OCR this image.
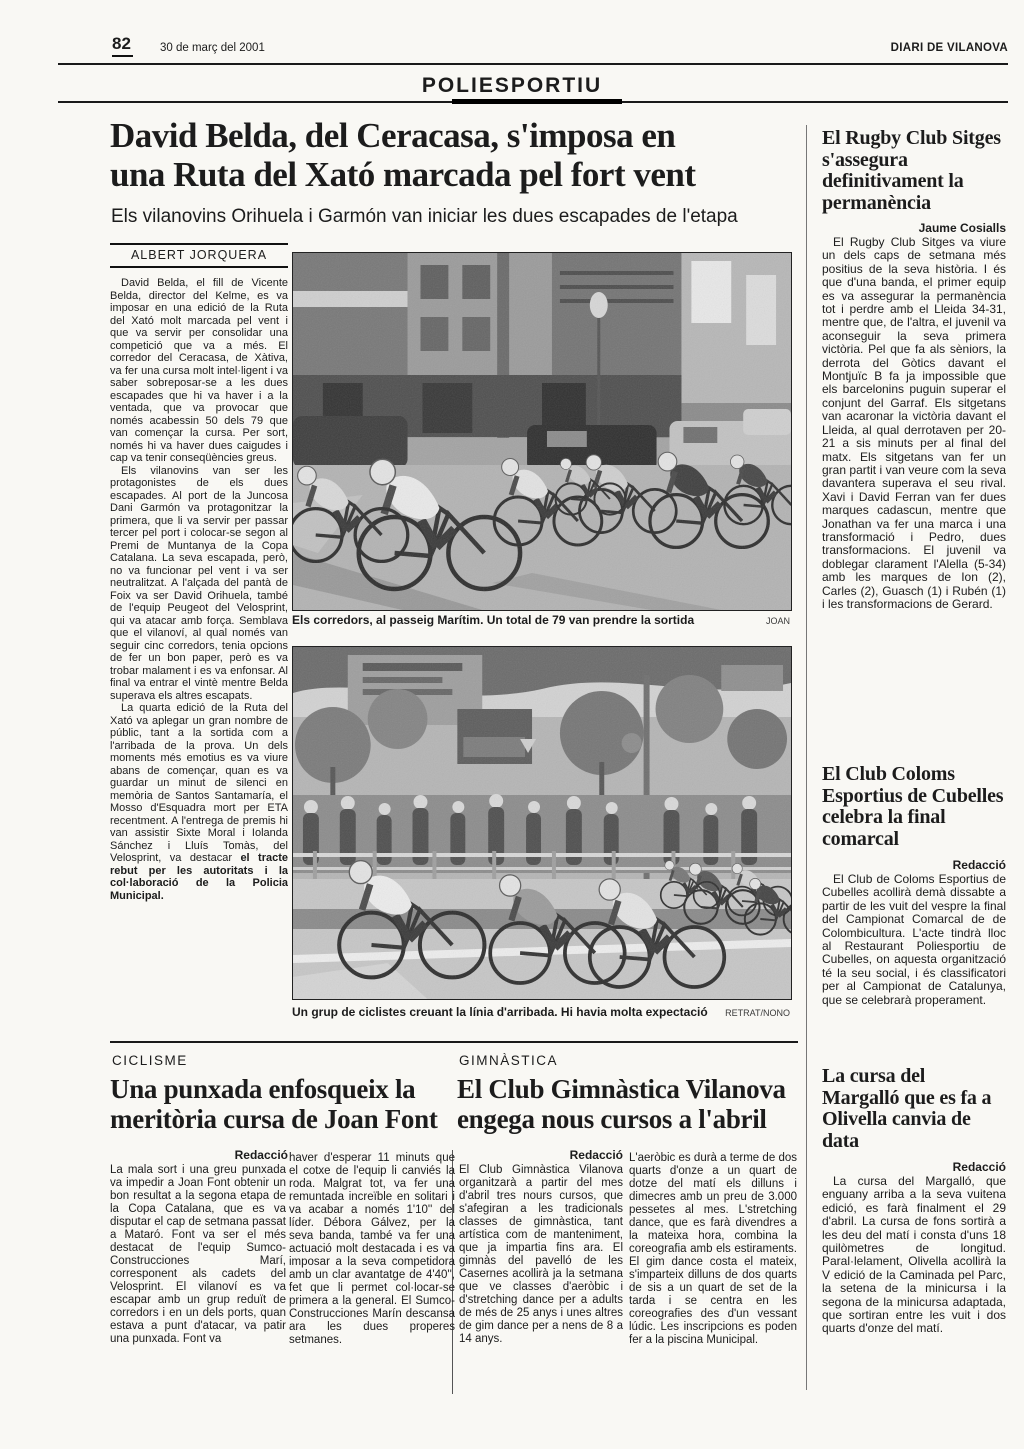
82	30 de març del 2001	DIARI DE VILANOVA
POLIESPORTIU
David Belda, del Ceracasa, s'imposa en
una Ruta del Xató marcada pel fort vent
Els vilanovins Orihuela i Garmón van iniciar les dues escapades de l'etapa
ALBERT JORQUERA

David Belda, el fill de Vicente Belda, director del Kelme, es va imposar en una edició de la Ruta del Xató molt marcada pel vent i que va servir per consolidar una competició que va a més. El corredor del Ceracasa, de Xàtiva, va fer una cursa molt intel·ligent i va saber sobreposar-se a les dues escapades que hi va haver i a la ventada, que va provocar que només acabessin 50 dels 79 que van començar la cursa. Per sort, només hi va haver dues caigudes i cap va tenir conseqüències greus.

Els vilanovins van ser les protagonistes de els dues escapades. Al port de la Juncosa Dani Garmón va protagonitzar la primera, que li va servir per passar tercer pel port i colocar-se segon al Premi de Muntanya de la Copa Catalana. La seva escapada, però, no va funcionar pel vent i va ser neutralitzat. A l'alçada del pantà de Foix va ser David Orihuela, també de l'equip Peugeot del Velosprint, qui va atacar amb força. Semblava que el vilanoví, al qual només van seguir cinc corredors, tenia opcions de fer un bon paper, però es va trobar malament i es va enfonsar. Al final va entrar el vintè mentre Belda superava els altres escapats.

La quarta edició de la Ruta del Xató va aplegar un gran nombre de públic, tant a la sortida com a l'arribada de la prova. Un dels moments més emotius es va viure abans de començar, quan es va guardar un minut de silenci en memòria de Santos Santamaría, el Mosso d'Esquadra mort per ETA recentment. A l'entrega de premis hi van assistir Sixte Moral i Iolanda Sánchez i Lluís Tomàs, del Velosprint, va destacar el tracte rebut per les autoritats i la col·laboració de la Policia Municipal.

Els corredors, al passeig Marítim. Un total de 79 van prendre la sortida	JOAN
Un grup de ciclistes creuant la línia d'arribada. Hi havia molta expectació RETRAT/NONO
CICLISME
Una punxada enfosqueix la meritòria cursa de Joan Font
Redacció
La mala sort i una greu punxada va impedir a Joan Font obtenir un bon resultat a la segona etapa de la Copa Catalana, que es va disputar el cap de setmana passat a Mataró. Font va ser el més destacat de l'equip Sumco-Construcciones Marí, corresponent als cadets del Velosprint. El vilanoví es va escapar amb un grup reduït de corredors i en un dels ports, quan estava a punt d'atacar, va patir una punxada. Font va
haver d'esperar 11 minuts que el cotxe de l'equip li canviés la roda. Malgrat tot, va fer una remuntada increïble en solitari i va acabar a només 1'10'' del líder. Débora Gálvez, per la seva banda, també va fer una actuació molt destacada i es va imposar a la seva competidora amb un clar avantatge de 4'40'', fet que li permet col·locar-se primera a la general. El Sumco-Construcciones Marín descansa ara les dues properes setmanes.
GIMNÀSTICA
El Club Gimnàstica Vilanova engega nous cursos a l'abril
Redacció
El Club Gimnàstica Vilanova organitzarà a partir del mes d'abril tres nours cursos, que s'afegiran a les tradicionals classes de gimnàstica, tant artística com de manteniment, que ja impartia fins ara. El gimnàs del pavelló de les Casernes acollirà ja la setmana que ve classes d'aeròbic i d'stretching dance per a adults de més de 25 anys i unes altres de gim dance per a nens de 8 a 14 anys.
L'aeròbic es durà a terme de dos quarts d'onze a un quart de dotze del matí els dilluns i dimecres amb un preu de 3.000 pessetes al mes. L'stretching dance, que es farà divendres a la mateixa hora, combina la coreografia amb els estiraments. El gim dance costa el mateix, s'imparteix dilluns de dos quarts de sis a un quart de set de la tarda i se centra en les coreografies des d'un vessant lúdic. Les inscripcions es poden fer a la piscina Municipal.
El Rugby Club Sitges s'assegura definitivament la permanència
Jaume Cosialls

El Rugby Club Sitges va viure un dels caps de setmana més positius de la seva història. I és que d'una banda, el primer equip es va assegurar la permanència tot i perdre amb el Lleida 34-31, mentre que, de l'altra, el juvenil va aconseguir la seva primera victòria. Pel que fa als sèniors, la derrota del Gòtics davant el Montjuïc B fa ja impossible que els barcelonins puguin superar el conjunt del Garraf. Els sitgetans van acaronar la victòria davant el Lleida, al qual derrotaven per 20-21 a sis minuts per al final del matx. Els sitgetans van fer un gran partit i van veure com la seva davantera superava el seu rival. Xavi i David Ferran van fer dues marques cadascun, mentre que Jonathan va fer una marca i una transformació i Pedro, dues transformacions. El juvenil va doblegar clarament l'Alella (5-34) amb les marques de Ion (2), Carles (2), Guasch (1) i Rubén (1) i les transformacions de Gerard.

El Club Coloms Esportius de Cubelles celebra la final comarcal
Redacció

El Club de Coloms Esportius de Cubelles acollirà demà dissabte a partir de les vuit del vespre la final del Campionat Comarcal de de Colombicultura. L'acte tindrà lloc al Restaurant Poliesportiu de Cubelles, on aquesta organització té la seu social, i és classificatori per al Campionat de Catalunya, que se celebrarà properament.

La cursa del Margalló que es fa a Olivella canvia de data
Redacció

La cursa del Margalló, que enguany arriba a la seva vuitena edició, es farà finalment el 29 d'abril. La cursa de fons sortirà a les deu del matí i consta d'uns 18 quilòmetres de longitud. Paral·lelament, Olivella acollirà la V edició de la Caminada pel Parc, la setena de la minicursa i la segona de la minicursa adaptada, que sortiran entre les vuit i dos quarts d'onze del matí.
